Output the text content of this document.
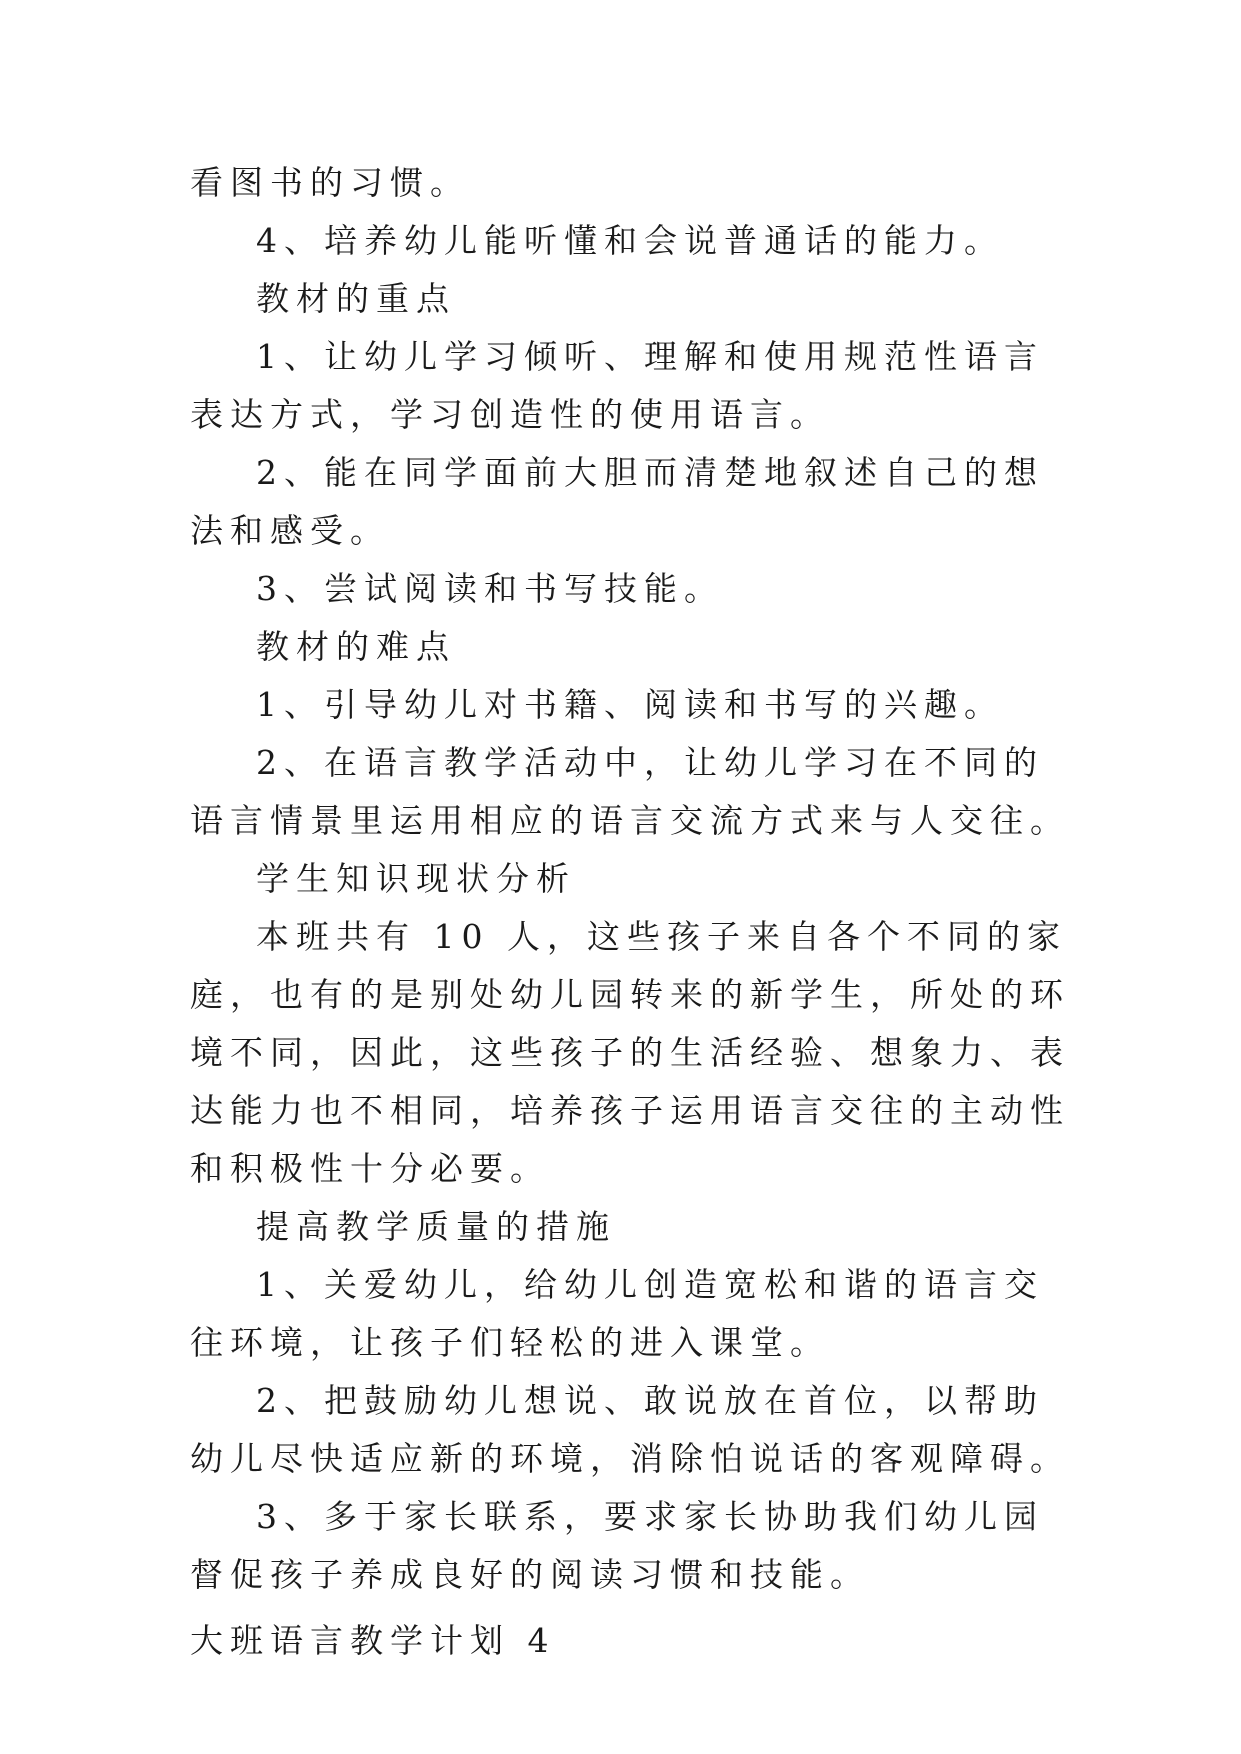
看图书的习惯。

4、培养幼儿能听懂和会说普通话的能力。

教材的重点

1、让幼儿学习倾听、理解和使用规范性语言表达方式，学习创造性的使用语言。

2、能在同学面前大胆而清楚地叙述自己的想法和感受。

3、尝试阅读和书写技能。

教材的难点

1、引导幼儿对书籍、阅读和书写的兴趣。

2、在语言教学活动中，让幼儿学习在不同的语言情景里运用相应的语言交流方式来与人交往。

学生知识现状分析

本班共有 10 人，这些孩子来自各个不同的家庭，也有的是别处幼儿园转来的新学生，所处的环境不同，因此，这些孩子的生活经验、想象力、表达能力也不相同，培养孩子运用语言交往的主动性和积极性十分必要。

提高教学质量的措施

1、关爱幼儿，给幼儿创造宽松和谐的语言交往环境，让孩子们轻松的进入课堂。

2、把鼓励幼儿想说、敢说放在首位，以帮助幼儿尽快适应新的环境，消除怕说话的客观障碍。

3、多于家长联系，要求家长协助我们幼儿园督促孩子养成良好的阅读习惯和技能。

大班语言教学计划 4
